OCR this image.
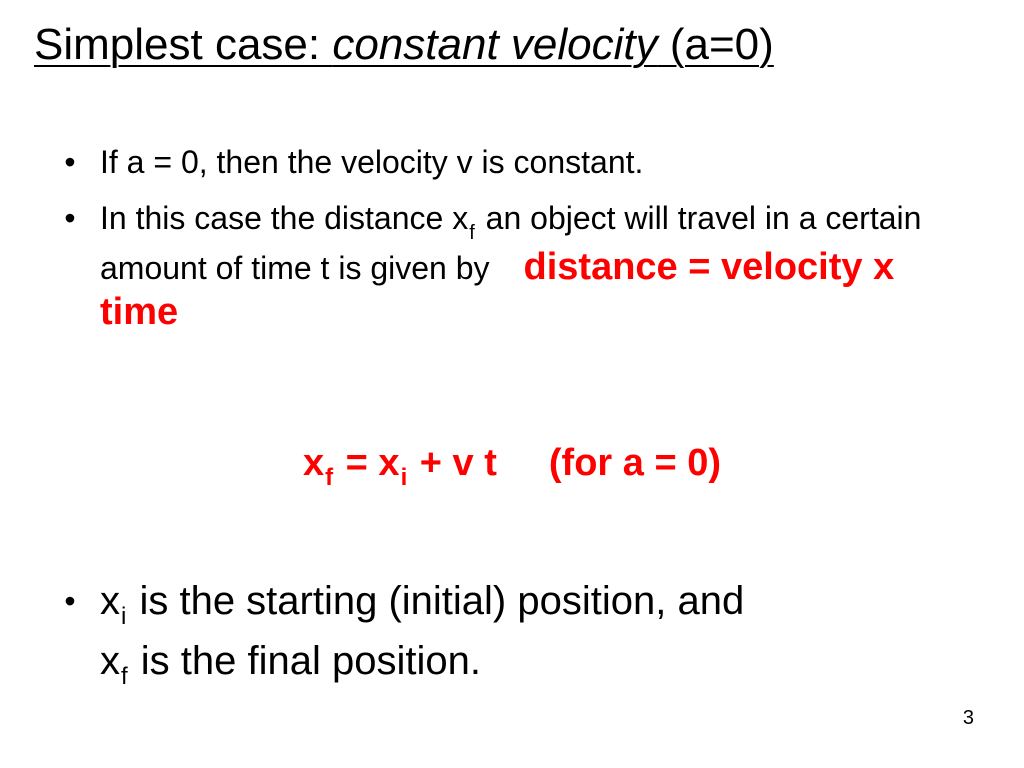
Simplest case: constant velocity (a=0)
• If a = 0, then the velocity v is constant.
• In this case the distance $x_f$ an object will travel in a certain amount of time t is given by distance = velocity x time
$x_f = x_i + v$ t (for a = 0)
• $x_i$ is the starting (initial) position, and
$x_f$ is the final position.
3
